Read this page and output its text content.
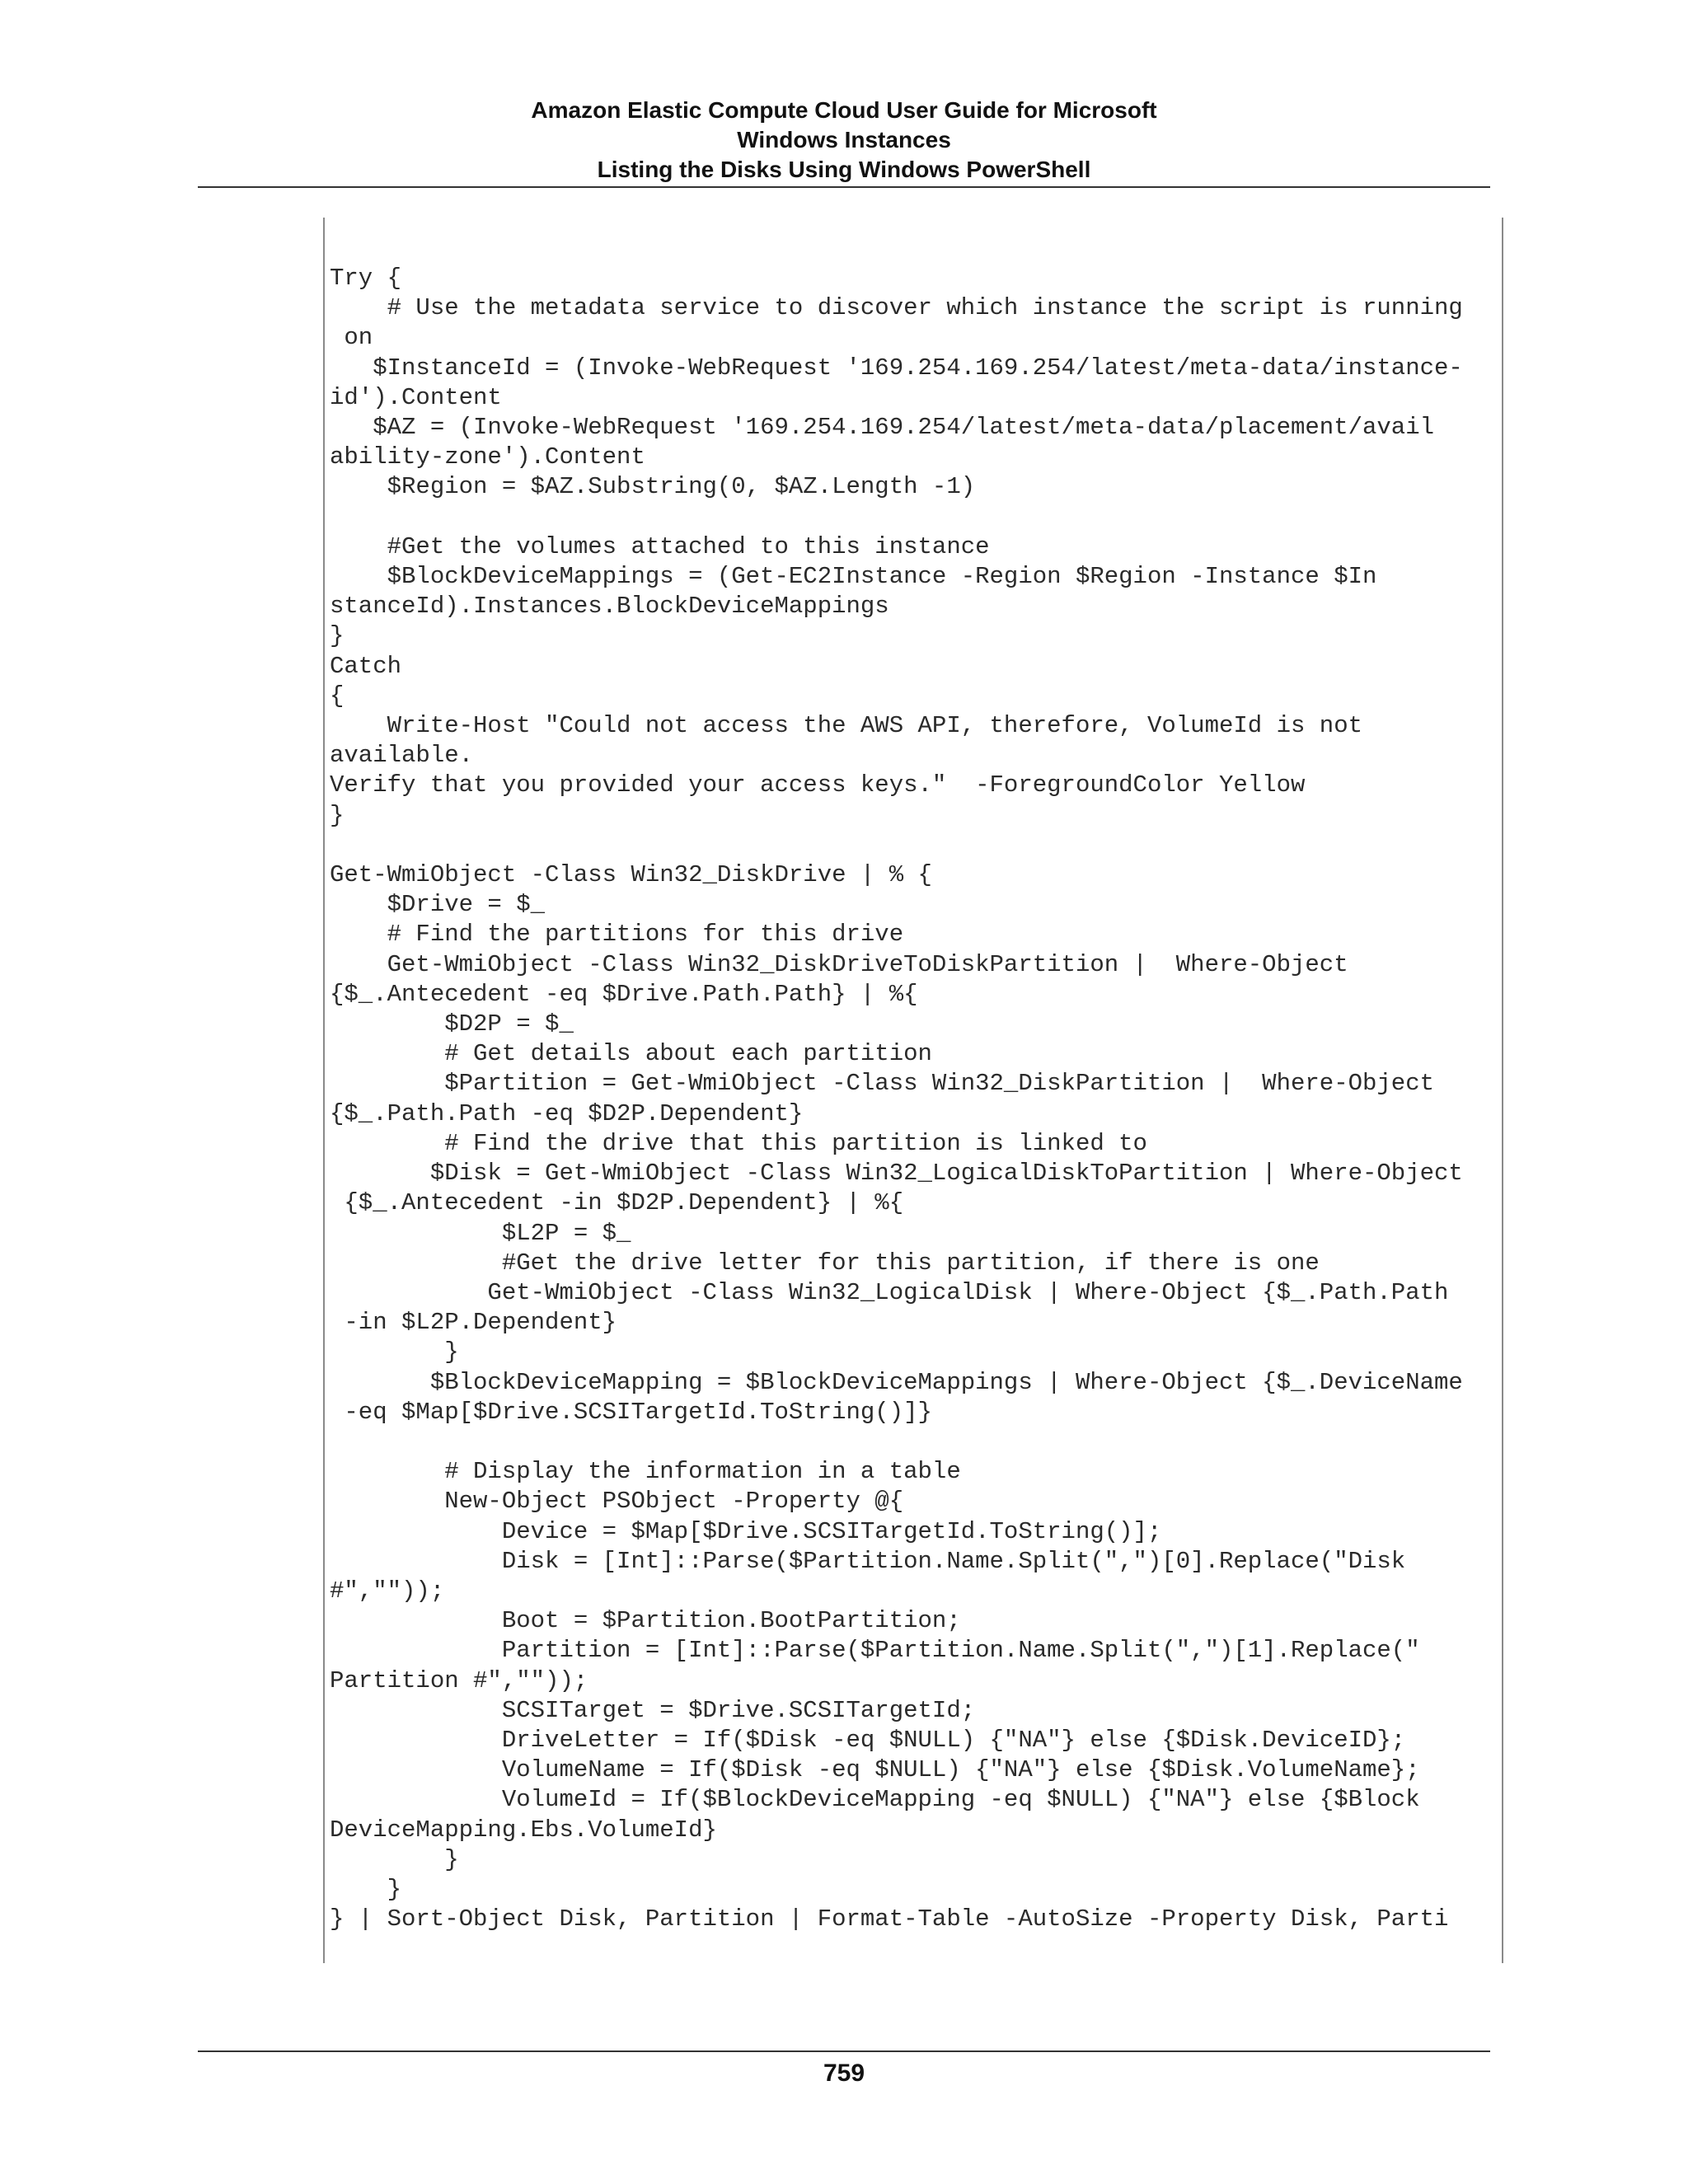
Amazon Elastic Compute Cloud User Guide for Microsoft
Windows Instances
Listing the Disks Using Windows PowerShell
Try {
# Use the metadata service to discover which instance the script is running
on
$InstanceId = (Invoke-WebRequest '169.254.169.254/latest/meta-data/instance-
id').Content
$AZ = (Invoke-WebRequest '169.254.169.254/latest/meta-data/placement/avail
ability-zone').Content
$Region = $AZ.Substring(0, $AZ.Length -1)

#Get the volumes attached to this instance
$BlockDeviceMappings = (Get-EC2Instance -Region $Region -Instance $In
stanceId).Instances.BlockDeviceMappings
}
Catch
{
Write-Host "Could not access the AWS API, therefore, VolumeId is not
available.
Verify that you provided your access keys."  -ForegroundColor Yellow
}

Get-WmiObject -Class Win32_DiskDrive | % {
$Drive = $_
# Find the partitions for this drive
Get-WmiObject -Class Win32_DiskDriveToDiskPartition |  Where-Object
{$_.Antecedent -eq $Drive.Path.Path} | %{
$D2P = $_
# Get details about each partition
$Partition = Get-WmiObject -Class Win32_DiskPartition |  Where-Object
{$_.Path.Path -eq $D2P.Dependent}
# Find the drive that this partition is linked to
$Disk = Get-WmiObject -Class Win32_LogicalDiskToPartition | Where-Object
{$_.Antecedent -in $D2P.Dependent} | %{
$L2P = $_
#Get the drive letter for this partition, if there is one
Get-WmiObject -Class Win32_LogicalDisk | Where-Object {$_.Path.Path
-in $L2P.Dependent}
}
$BlockDeviceMapping = $BlockDeviceMappings | Where-Object {$_.DeviceName
-eq $Map[$Drive.SCSITargetId.ToString()]}

# Display the information in a table
New-Object PSObject -Property @{
Device = $Map[$Drive.SCSITargetId.ToString()];
Disk = [Int]::Parse($Partition.Name.Split(",")[0].Replace("Disk
#",""));
Boot = $Partition.BootPartition;
Partition = [Int]::Parse($Partition.Name.Split(",")[1].Replace("
Partition #",""));
SCSITarget = $Drive.SCSITargetId;
DriveLetter = If($Disk -eq $NULL) {"NA"} else {$Disk.DeviceID};
VolumeName = If($Disk -eq $NULL) {"NA"} else {$Disk.VolumeName};
VolumeId = If($BlockDeviceMapping -eq $NULL) {"NA"} else {$Block
DeviceMapping.Ebs.VolumeId}
}
}
} | Sort-Object Disk, Partition | Format-Table -AutoSize -Property Disk, Parti

759
